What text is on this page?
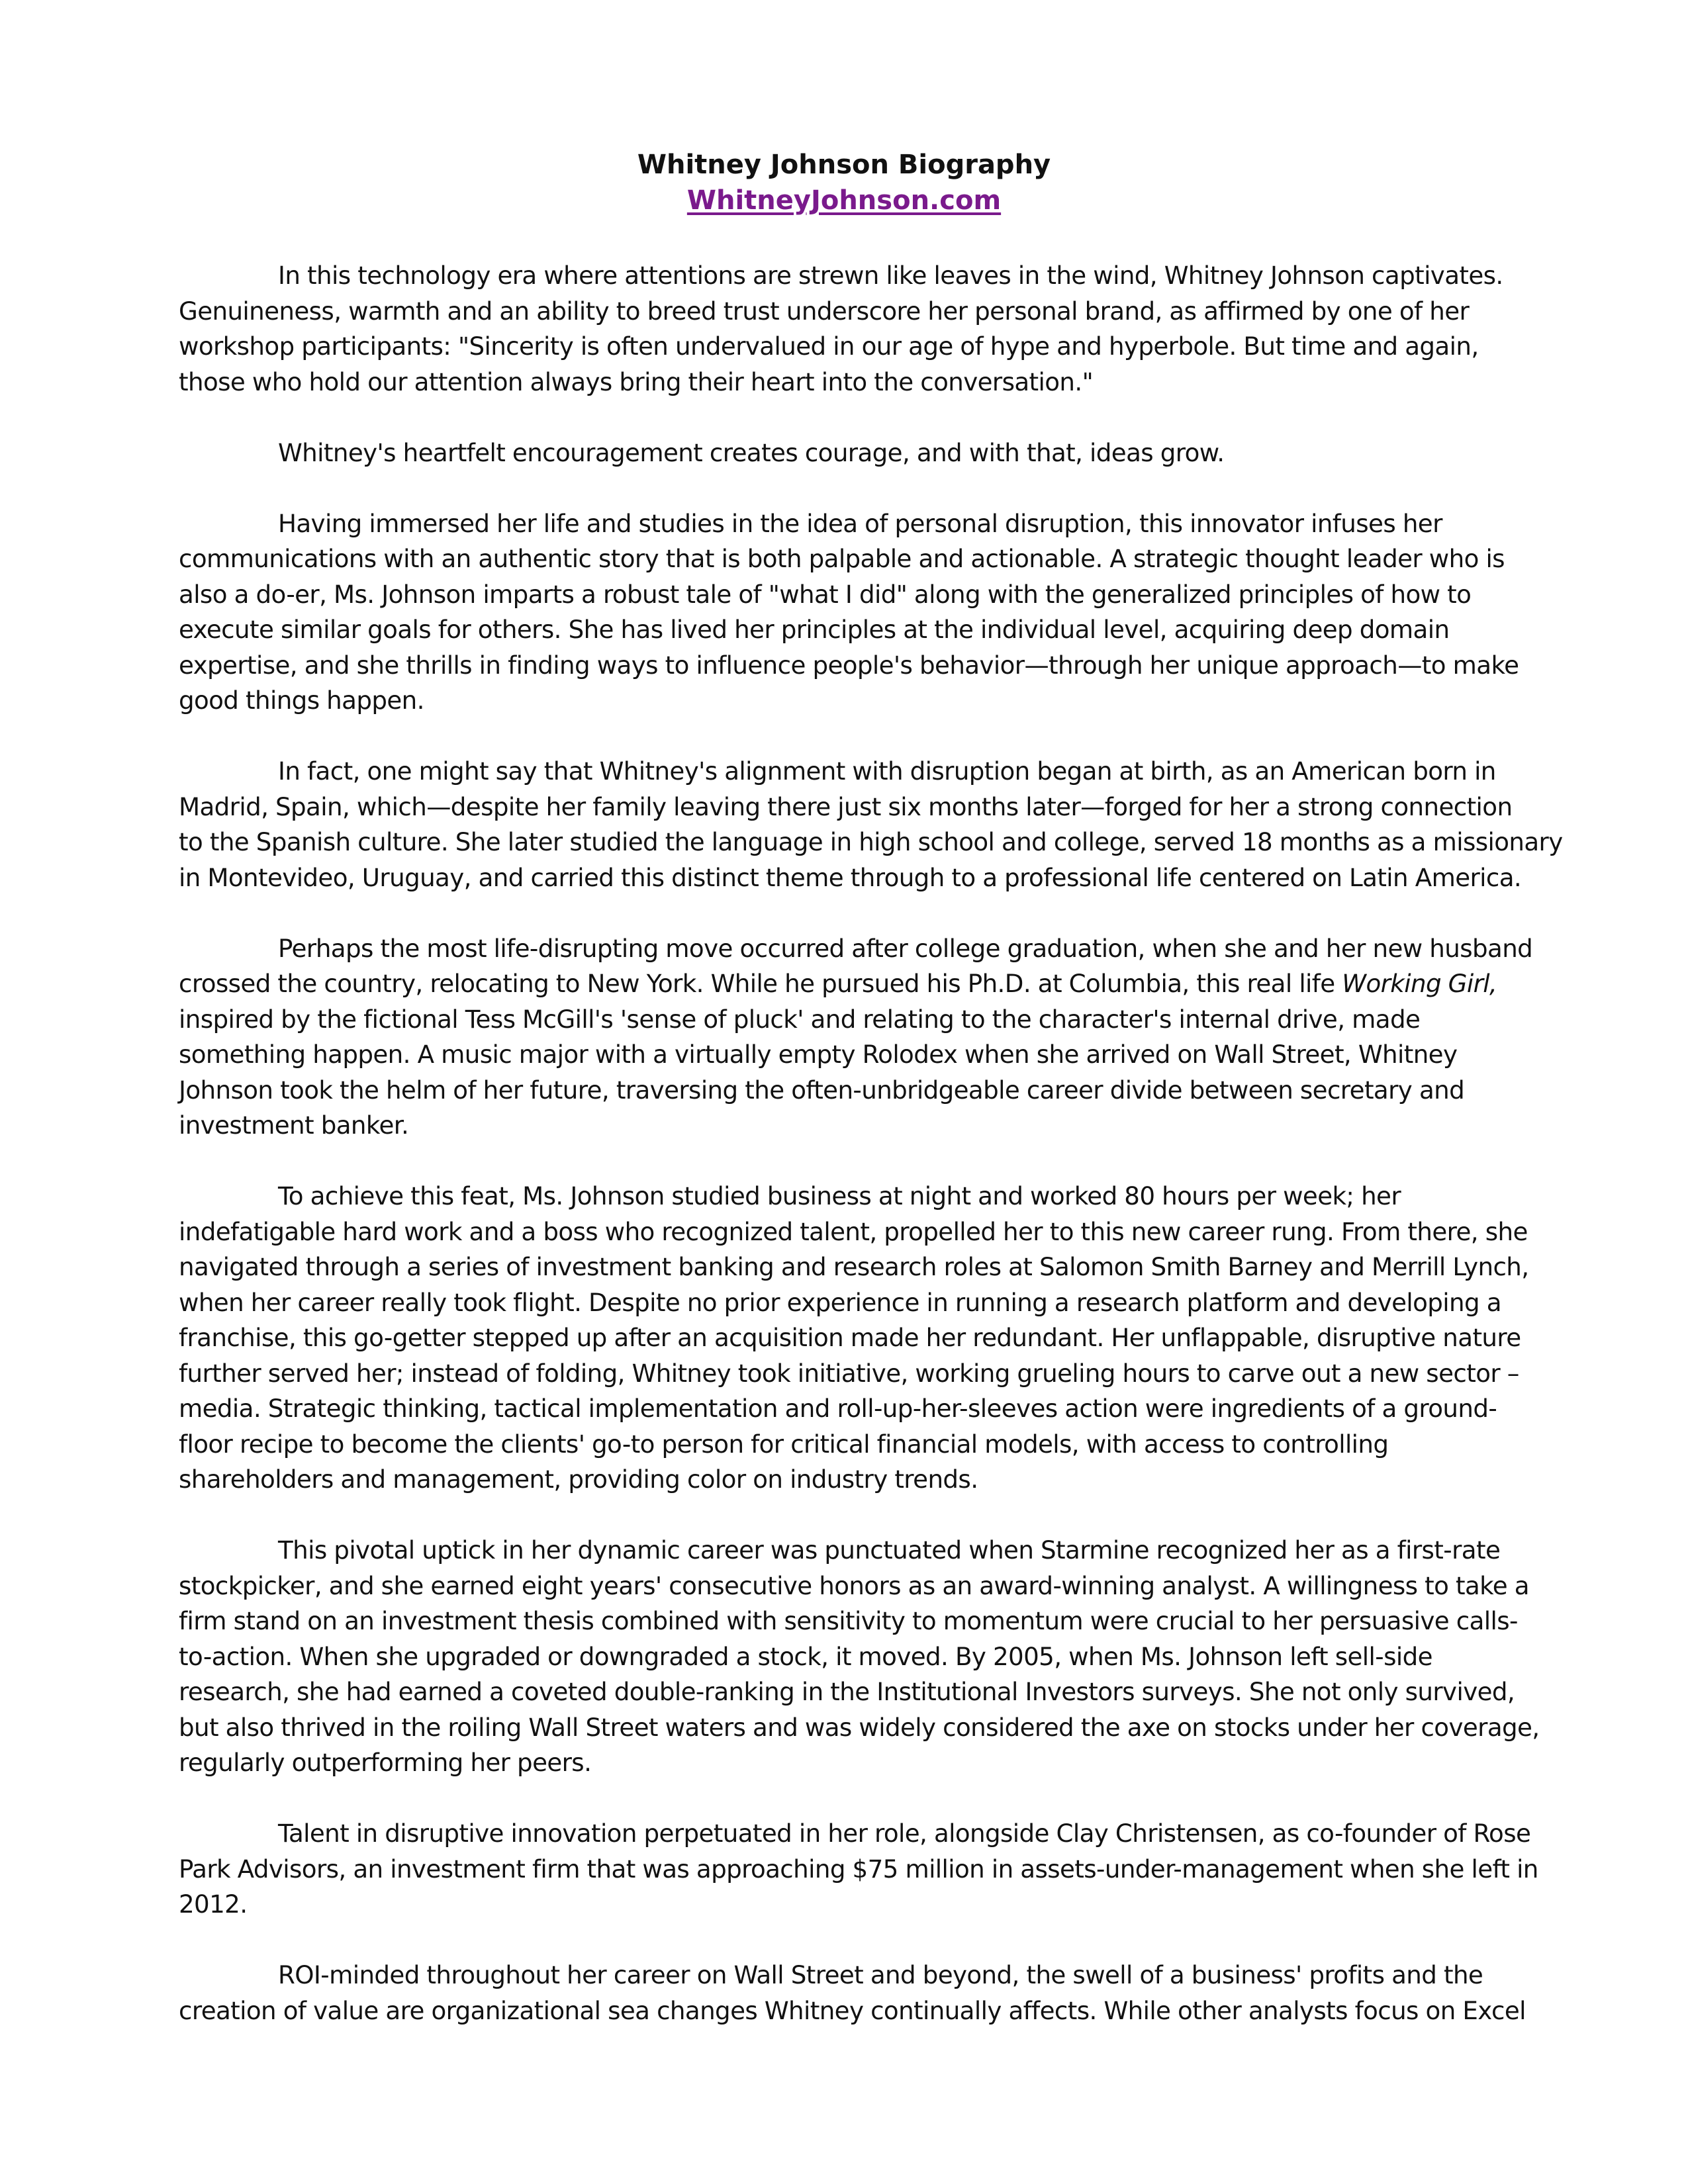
Whitney Johnson Biography
WhitneyJohnson.com
In this technology era where attentions are strewn like leaves in the wind, Whitney Johnson captivates.
Genuineness, warmth and an ability to breed trust underscore her personal brand, as affirmed by one of her
workshop participants: "Sincerity is often undervalued in our age of hype and hyperbole. But time and again,
those who hold our attention always bring their heart into the conversation."
Whitney's heartfelt encouragement creates courage, and with that, ideas grow.
Having immersed her life and studies in the idea of personal disruption, this innovator infuses her
communications with an authentic story that is both palpable and actionable. A strategic thought leader who is
also a do-er, Ms. Johnson imparts a robust tale of "what I did" along with the generalized principles of how to
execute similar goals for others. She has lived her principles at the individual level, acquiring deep domain
expertise, and she thrills in finding ways to influence people's behavior—through her unique approach—to make
good things happen.
In fact, one might say that Whitney's alignment with disruption began at birth, as an American born in
Madrid, Spain, which—despite her family leaving there just six months later—forged for her a strong connection
to the Spanish culture. She later studied the language in high school and college, served 18 months as a missionary
in Montevideo, Uruguay, and carried this distinct theme through to a professional life centered on Latin America.
Perhaps the most life-disrupting move occurred after college graduation, when she and her new husband
crossed the country, relocating to New York. While he pursued his Ph.D. at Columbia, this real life Working Girl,
inspired by the fictional Tess McGill's 'sense of pluck' and relating to the character's internal drive, made
something happen. A music major with a virtually empty Rolodex when she arrived on Wall Street, Whitney
Johnson took the helm of her future, traversing the often-unbridgeable career divide between secretary and
investment banker.
To achieve this feat, Ms. Johnson studied business at night and worked 80 hours per week; her
indefatigable hard work and a boss who recognized talent, propelled her to this new career rung. From there, she
navigated through a series of investment banking and research roles at Salomon Smith Barney and Merrill Lynch,
when her career really took flight. Despite no prior experience in running a research platform and developing a
franchise, this go-getter stepped up after an acquisition made her redundant. Her unflappable, disruptive nature
further served her; instead of folding, Whitney took initiative, working grueling hours to carve out a new sector –
media. Strategic thinking, tactical implementation and roll-up-her-sleeves action were ingredients of a ground-
floor recipe to become the clients' go-to person for critical financial models, with access to controlling
shareholders and management, providing color on industry trends.
This pivotal uptick in her dynamic career was punctuated when Starmine recognized her as a first-rate
stockpicker, and she earned eight years' consecutive honors as an award-winning analyst. A willingness to take a
firm stand on an investment thesis combined with sensitivity to momentum were crucial to her persuasive calls-
to-action. When she upgraded or downgraded a stock, it moved. By 2005, when Ms. Johnson left sell-side
research, she had earned a coveted double-ranking in the Institutional Investors surveys. She not only survived,
but also thrived in the roiling Wall Street waters and was widely considered the axe on stocks under her coverage,
regularly outperforming her peers.
Talent in disruptive innovation perpetuated in her role, alongside Clay Christensen, as co-founder of Rose
Park Advisors, an investment firm that was approaching $75 million in assets-under-management when she left in
2012.
ROI-minded throughout her career on Wall Street and beyond, the swell of a business' profits and the
creation of value are organizational sea changes Whitney continually affects. While other analysts focus on Excel
